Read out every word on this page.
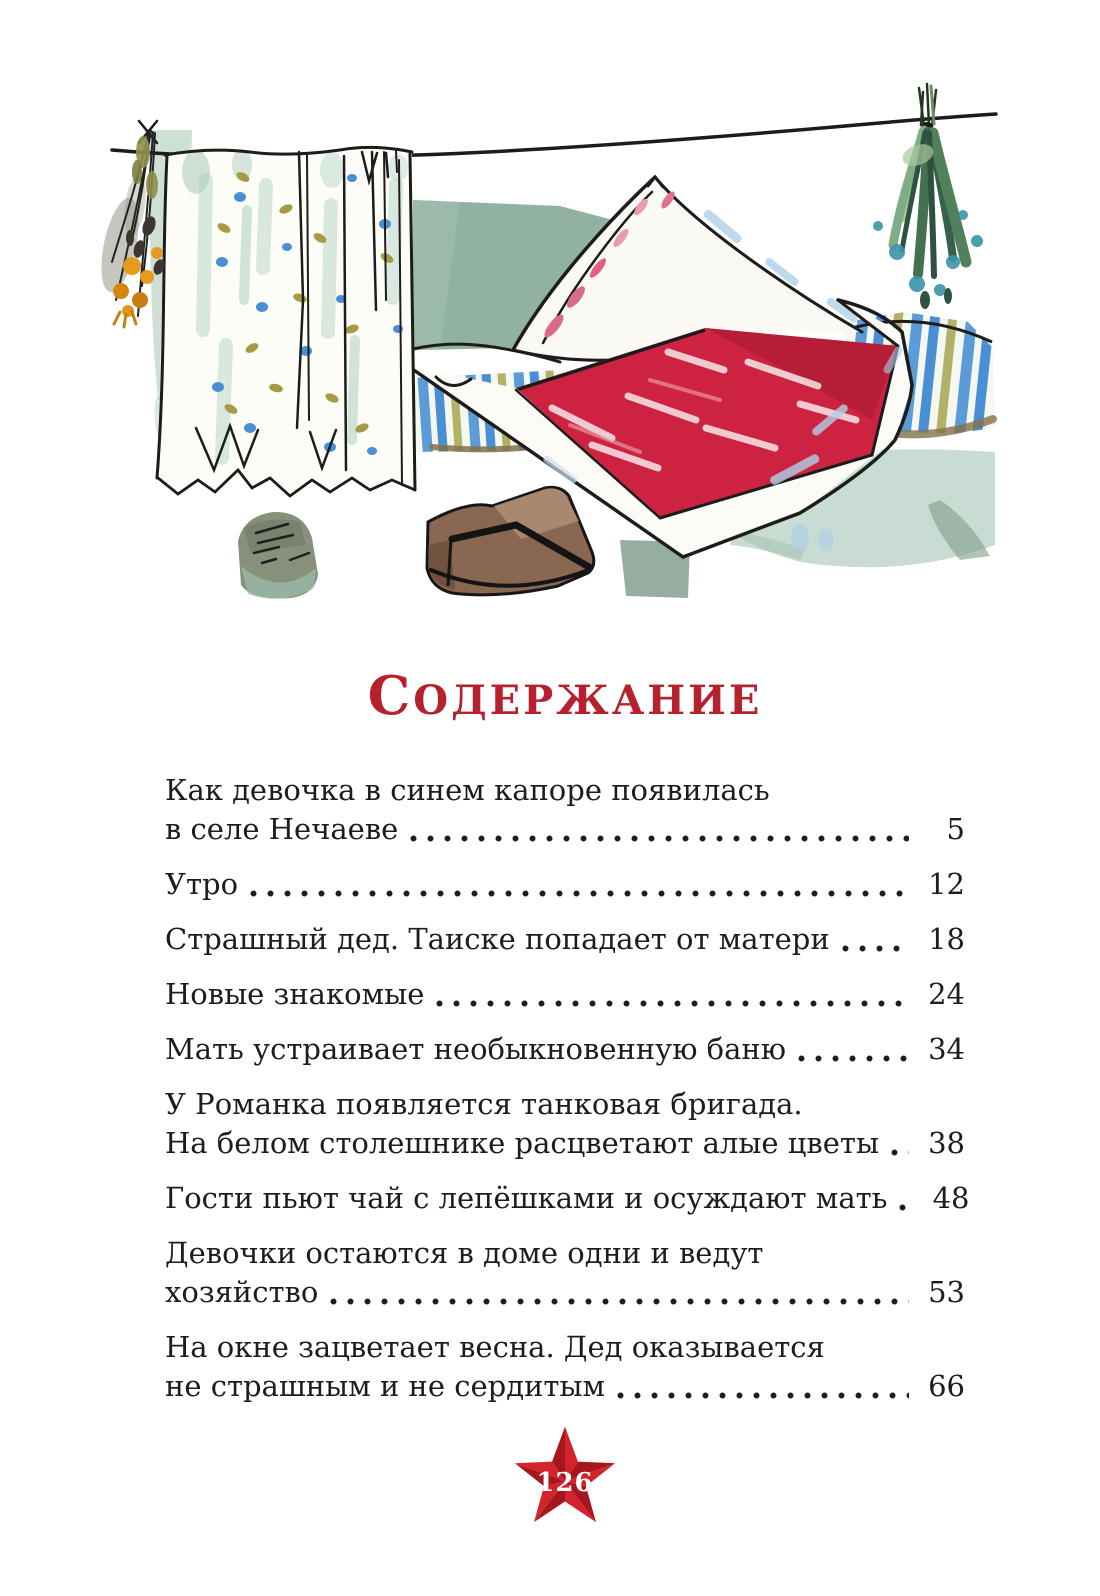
СОДЕРЖАНИЕ
Как девочка в синем капоре появилась
в селе Нечаеве	5
Утро	12
Страшный дед. Таиске попадает от матери	18
Новые знакомые	24
Мать устраивает необыкновенную баню	34
У Романка появляется танковая бригада.
На белом столешнике расцветают алые цветы	38
Гости пьют чай с лепёшками и осуждают мать	48
Девочки остаются в доме одни и ведут
хозяйство	53
На окне зацветает весна. Дед оказывается
не страшным и не сердитым	66
126
